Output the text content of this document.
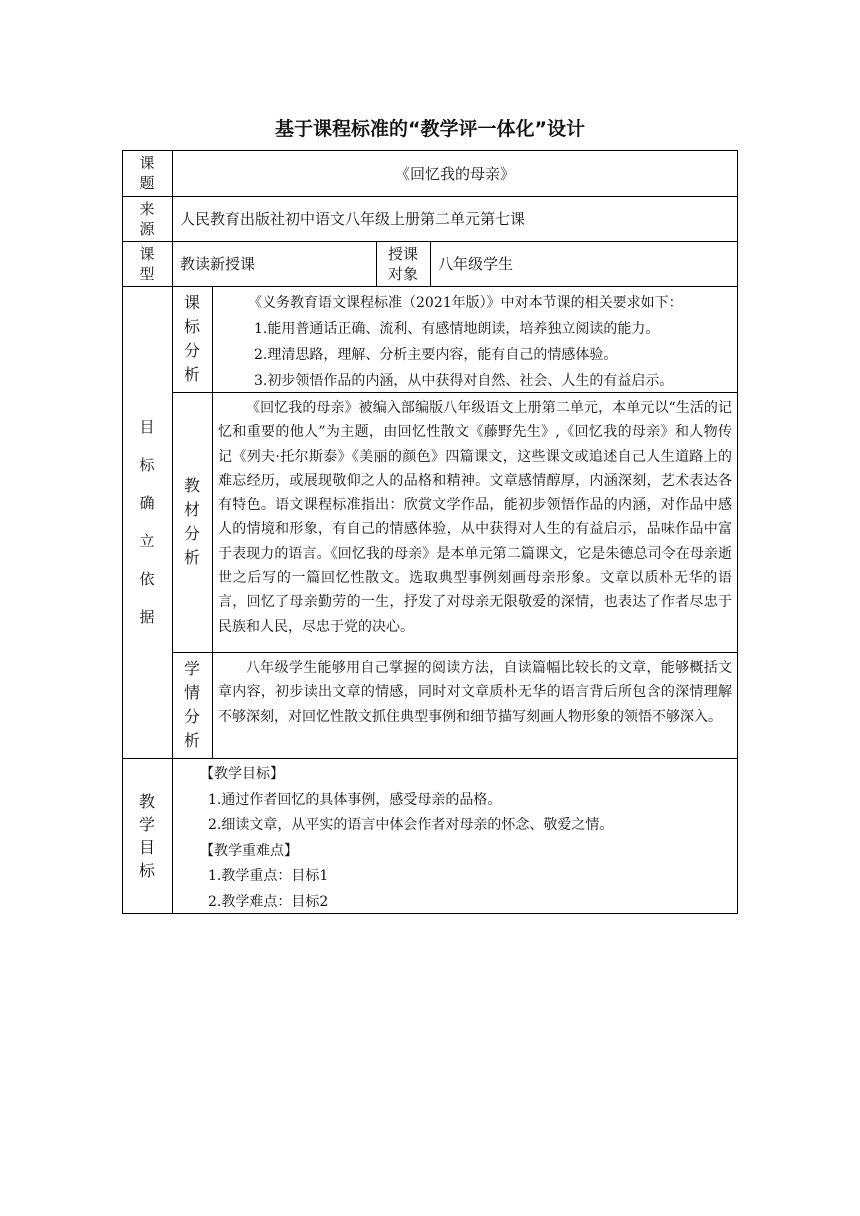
基于课程标准的“教学评一体化”设计
课
题
《回忆我的母亲》
来
源
人民教育出版社初中语文八年级上册第二单元第七课
课
型
教读新授课
授课
对象
八年级学生
目

标

确

立

依

据
课
标
分
析

《义务教育语文课程标准（2021年版）》中对本节课的相关要求如下：

1.能用普通话正确、流利、有感情地朗读，培养独立阅读的能力。

2.理清思路，理解、分析主要内容，能有自己的情感体验。

3.初步领悟作品的内涵，从中获得对自然、社会、人生的有益启示。

教
材
分
析

《回忆我的母亲》被编入部编版八年级语文上册第二单元，本单元以“生活的记忆和重要的他人”为主题，由回忆性散文《藤野先生》,《回忆我的母亲》和人物传记《列夫·托尔斯泰》《美丽的颜色》四篇课文，这些课文或追述自己人生道路上的难忘经历，或展现敬仰之人的品格和精神。文章感情醇厚，内涵深刻，艺术表达各有特色。语文课程标准指出：欣赏文学作品，能初步领悟作品的内涵，对作品中感人的情境和形象，有自己的情感体验，从中获得对人生的有益启示，品味作品中富于表现力的语言。《回忆我的母亲》是本单元第二篇课文，它是朱德总司令在母亲逝世之后写的一篇回忆性散文。选取典型事例刻画母亲形象。文章以质朴无华的语言，回忆了母亲勤劳的一生，抒发了对母亲无限敬爱的深情，也表达了作者尽忠于民族和人民，尽忠于党的决心。

学
情
分
析

八年级学生能够用自己掌握的阅读方法，自读篇幅比较长的文章，能够概括文章内容，初步读出文章的情感，同时对文章质朴无华的语言背后所包含的深情理解不够深刻，对回忆性散文抓住典型事例和细节描写刻画人物形象的领悟不够深入。

教
学
目
标
【教学目标】
1.通过作者回忆的具体事例，感受母亲的品格。
2.细读文章，从平实的语言中体会作者对母亲的怀念、敬爱之情。
【教学重难点】
1.教学重点：目标1
2.教学难点：目标2
